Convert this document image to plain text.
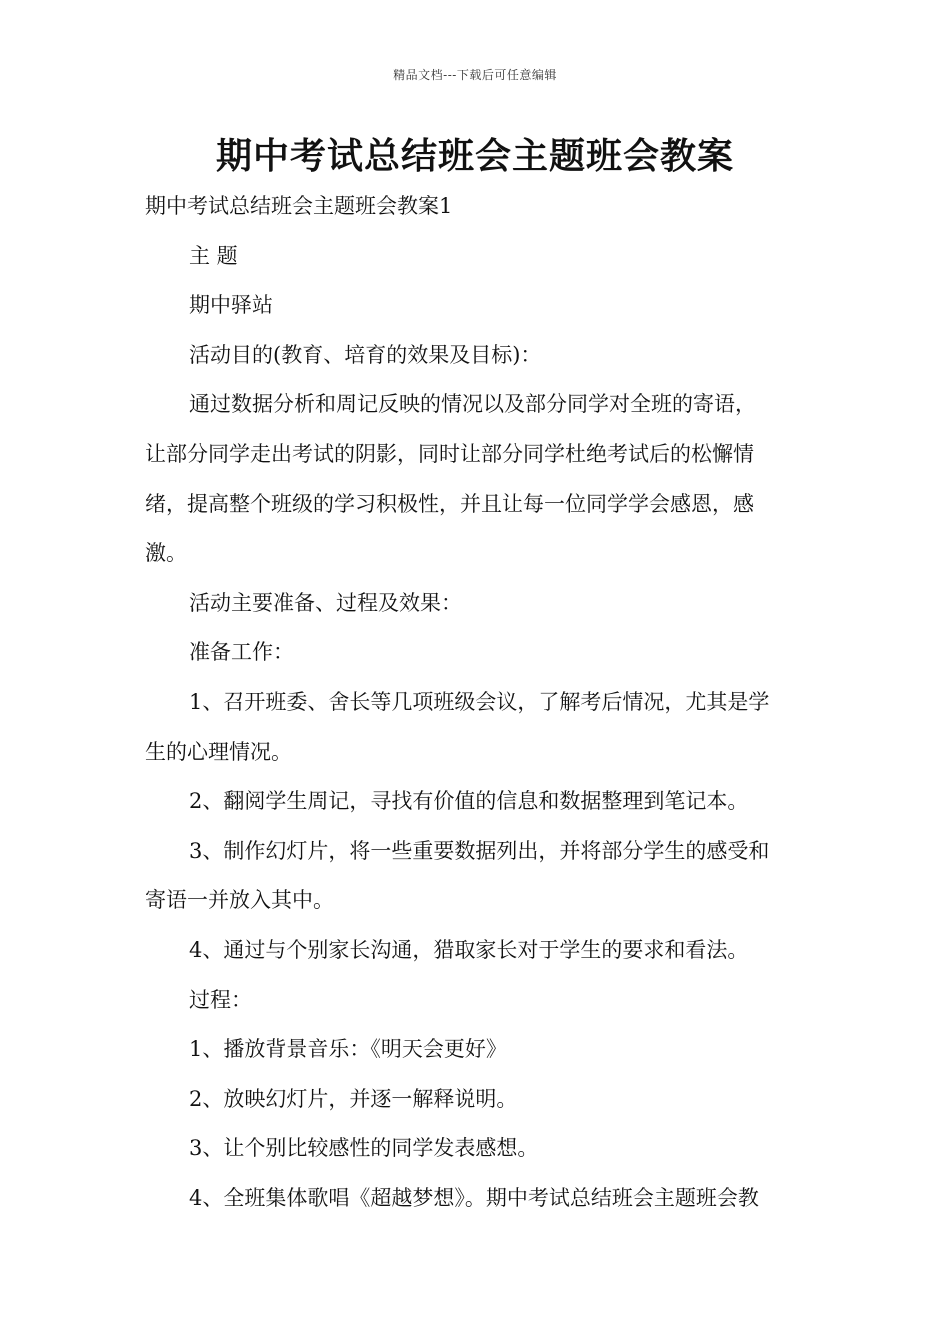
精品文档---下载后可任意编辑
期中考试总结班会主题班会教案
期中考试总结班会主题班会教案1
主 题
期中驿站
活动目的(教育、培育的效果及目标)：
通过数据分析和周记反映的情况以及部分同学对全班的寄语，
让部分同学走出考试的阴影，同时让部分同学杜绝考试后的松懈情
绪，提高整个班级的学习积极性，并且让每一位同学学会感恩，感
激。
活动主要准备、过程及效果：
准备工作：
1、召开班委、舍长等几项班级会议，了解考后情况，尤其是学
生的心理情况。
2、翻阅学生周记，寻找有价值的信息和数据整理到笔记本。
3、制作幻灯片，将一些重要数据列出，并将部分学生的感受和
寄语一并放入其中。
4、通过与个别家长沟通，猎取家长对于学生的要求和看法。
过程：
1、播放背景音乐：《明天会更好》
2、放映幻灯片，并逐一解释说明。
3、让个别比较感性的同学发表感想。
4、全班集体歌唱《超越梦想》。期中考试总结班会主题班会教
